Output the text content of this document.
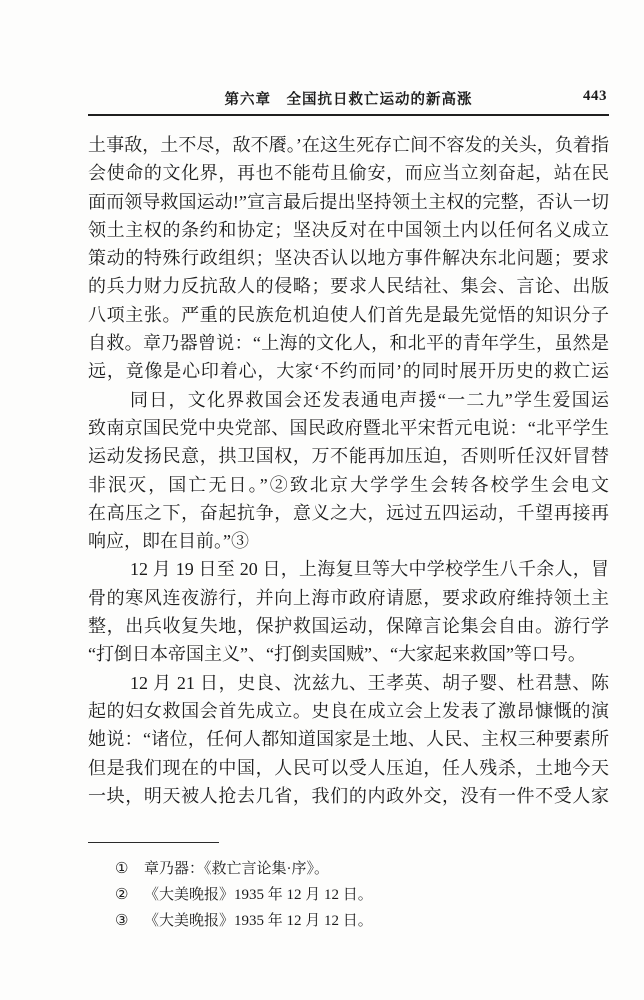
第六章　全国抗日救亡运动的新高涨	443
土事敌，土不尽，敌不餍。’在这生死存亡间不容发的关头，负着指
会使命的文化界，再也不能苟且偷安，而应当立刻奋起，站在民
面而领导救国运动!”宣言最后提出坚持领土主权的完整，否认一切
领土主权的条约和协定；坚决反对在中国领土内以任何名义成立
策动的特殊行政组织；坚决否认以地方事件解决东北问题；要求
的兵力财力反抗敌人的侵略；要求人民结社、集会、言论、出版
八项主张。严重的民族危机迫使人们首先是最先觉悟的知识分子
自救。章乃器曾说：“上海的文化人，和北平的青年学生，虽然是
远，竟像是心印着心，大家‘不约而同’的同时展开历史的救亡运
同日，文化界救国会还发表通电声援“一二九”学生爱国运
致南京国民党中央党部、国民政府暨北平宋哲元电说：“北平学生
运动发扬民意，拱卫国权，万不能再加压迫，否则听任汉奸冒替
非泯灭，国亡无日。”②致北京大学学生会转各校学生会电文
在高压之下，奋起抗争，意义之大，远过五四运动，千望再接再
响应，即在目前。”③
12 月 19 日至 20 日，上海复旦等大中学校学生八千余人，冒
骨的寒风连夜游行，并向上海市政府请愿，要求政府维持领土主
整，出兵收复失地，保护救国运动，保障言论集会自由。游行学
“打倒日本帝国主义”、“打倒卖国贼”、“大家起来救国”等口号。
12 月 21 日，史良、沈兹九、王孝英、胡子婴、杜君慧、陈
起的妇女救国会首先成立。史良在成立会上发表了激昂慷慨的演
她说：“诸位，任何人都知道国家是土地、人民、主权三种要素所
但是我们现在的中国，人民可以受人压迫，任人残杀，土地今天
一块，明天被人抢去几省，我们的内政外交，没有一件不受人家
① 章乃器：《救亡言论集·序》。
② 《大美晚报》1935 年 12 月 12 日。
③ 《大美晚报》1935 年 12 月 12 日。
